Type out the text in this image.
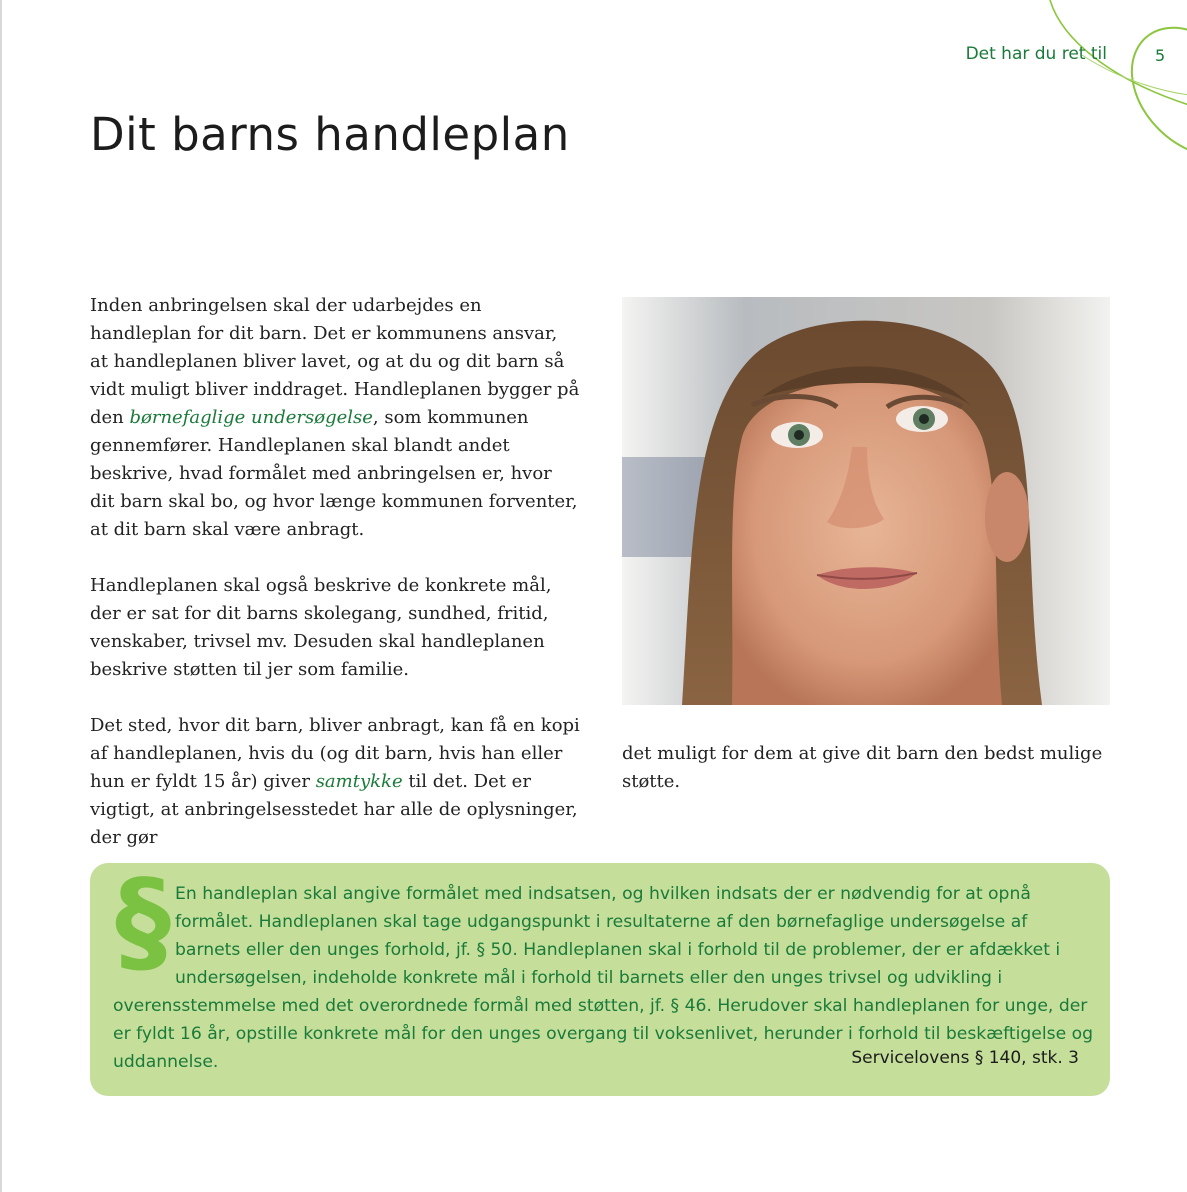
Det har du ret til	5
Dit barns handleplan

Inden anbringelsen skal der udarbejdes en handleplan for dit barn. Det er kommunens ansvar, at handleplanen bliver lavet, og at du og dit barn så vidt muligt bliver inddraget. Handleplanen bygger på den børnefaglige undersøgelse, som kommunen gennemfører. Handleplanen skal blandt andet beskrive, hvad formålet med anbringelsen er, hvor dit barn skal bo, og hvor længe kommunen forventer, at dit barn skal være anbragt.

Handleplanen skal også beskrive de konkrete mål, der er sat for dit barns skolegang, sundhed, fritid, venskaber, trivsel mv. Desuden skal handleplanen beskrive støtten til jer som familie.

Det sted, hvor dit barn, bliver anbragt, kan få en kopi af handleplanen, hvis du (og dit barn, hvis han eller hun er fyldt 15 år) giver samtykke til det. Det er vigtigt, at anbringelsesstedet har alle de oplysninger, der gør

det muligt for dem at give dit barn den bedst mulige støtte.

§ En handleplan skal angive formålet med indsatsen, og hvilken indsats der er nødvendig for at opnå formålet. Handleplanen skal tage udgangspunkt i resultaterne af den børnefaglige undersøgelse af barnets eller den unges forhold, jf. § 50. Handleplanen skal i forhold til de problemer, der er afdækket i undersøgelsen, indeholde konkrete mål i forhold til barnets eller den unges trivsel og udvikling i overensstemmelse med det overordnede formål med støtten, jf. § 46. Herudover skal handleplanen for unge, der er fyldt 16 år, opstille konkrete mål for den unges overgang til voksenlivet, herunder i forhold til beskæftigelse og uddannelse.	Servicelovens § 140, stk. 3
